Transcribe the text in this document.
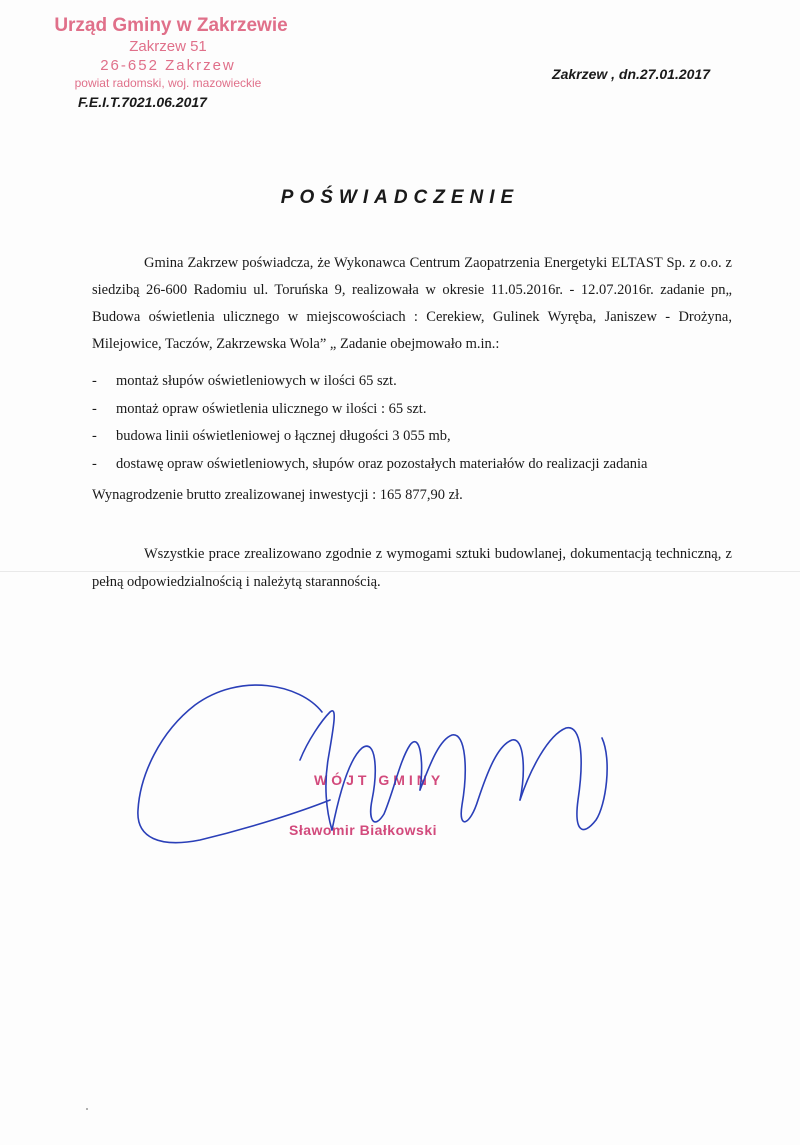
Urząd Gminy w Zakrzewie
Zakrzew 51
26-652 Zakrzew
powiat radomski, woj. mazowieckie
F.E.I.T.7021.06.2017
Zakrzew , dn.27.01.2017
POŚWIADCZENIE

Gmina Zakrzew poświadcza, że Wykonawca Centrum Zaopatrzenia Energetyki ELTAST Sp. z o.o. z siedzibą 26-600 Radomiu ul. Toruńska 9, realizowała w okresie 11.05.2016r. - 12.07.2016r. zadanie pn„ Budowa oświetlenia ulicznego w miejscowościach : Cerekiew, Gulinek Wyręba, Janiszew - Drożyna, Milejowice, Taczów, Zakrzewska Wola” „ Zadanie obejmowało m.in.:

- montaż słupów oświetleniowych w ilości 65 szt.
- montaż opraw oświetlenia ulicznego w ilości : 65 szt.
- budowa linii oświetleniowej o łącznej długości 3 055 mb,
- dostawę opraw oświetleniowych, słupów oraz pozostałych materiałów do realizacji zadania
Wynagrodzenie brutto zrealizowanej inwestycji : 165 877,90 zł.

Wszystkie prace zrealizowano zgodnie z wymogami sztuki budowlanej, dokumentacją techniczną, z pełną odpowiedzialnością i należytą starannością.

WÓJT GMINY
Sławomir Białkowski
